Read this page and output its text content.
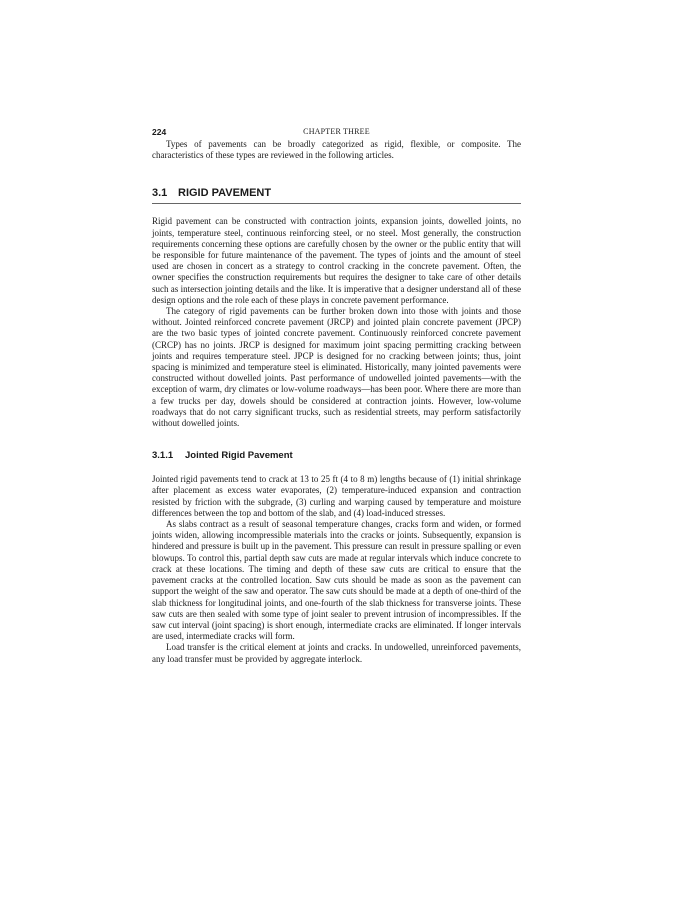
224	CHAPTER THREE

Types of pavements can be broadly categorized as rigid, flexible, or composite. The characteristics of these types are reviewed in the following articles.

3.1 RIGID PAVEMENT

Rigid pavement can be constructed with contraction joints, expansion joints, dowelled joints, no joints, temperature steel, continuous reinforcing steel, or no steel. Most generally, the construction requirements concerning these options are carefully chosen by the owner or the public entity that will be responsible for future maintenance of the pavement. The types of joints and the amount of steel used are chosen in concert as a strategy to control cracking in the concrete pavement. Often, the owner specifies the construction requirements but requires the designer to take care of other details such as intersection jointing details and the like. It is imperative that a designer understand all of these design options and the role each of these plays in concrete pavement performance.

The category of rigid pavements can be further broken down into those with joints and those without. Jointed reinforced concrete pavement (JRCP) and jointed plain concrete pavement (JPCP) are the two basic types of jointed concrete pavement. Continuously reinforced concrete pavement (CRCP) has no joints. JRCP is designed for maximum joint spacing permitting cracking between joints and requires temperature steel. JPCP is designed for no cracking between joints; thus, joint spacing is minimized and temperature steel is eliminated. Historically, many jointed pavements were constructed without dowelled joints. Past performance of undowelled jointed pavements—with the exception of warm, dry climates or low-volume roadways—has been poor. Where there are more than a few trucks per day, dowels should be considered at contraction joints. However, low-volume roadways that do not carry significant trucks, such as residential streets, may perform satisfactorily without dowelled joints.

3.1.1 Jointed Rigid Pavement

Jointed rigid pavements tend to crack at 13 to 25 ft (4 to 8 m) lengths because of (1) initial shrinkage after placement as excess water evaporates, (2) temperature-induced expansion and contraction resisted by friction with the subgrade, (3) curling and warping caused by temperature and moisture differences between the top and bottom of the slab, and (4) load-induced stresses.

As slabs contract as a result of seasonal temperature changes, cracks form and widen, or formed joints widen, allowing incompressible materials into the cracks or joints. Subsequently, expansion is hindered and pressure is built up in the pavement. This pressure can result in pressure spalling or even blowups. To control this, partial depth saw cuts are made at regular intervals which induce concrete to crack at these locations. The timing and depth of these saw cuts are critical to ensure that the pavement cracks at the controlled location. Saw cuts should be made as soon as the pavement can support the weight of the saw and operator. The saw cuts should be made at a depth of one-third of the slab thickness for longitudinal joints, and one-fourth of the slab thickness for transverse joints. These saw cuts are then sealed with some type of joint sealer to prevent intrusion of incompressibles. If the saw cut interval (joint spacing) is short enough, intermediate cracks are eliminated. If longer intervals are used, intermediate cracks will form.

Load transfer is the critical element at joints and cracks. In undowelled, unreinforced pavements, any load transfer must be provided by aggregate interlock.
